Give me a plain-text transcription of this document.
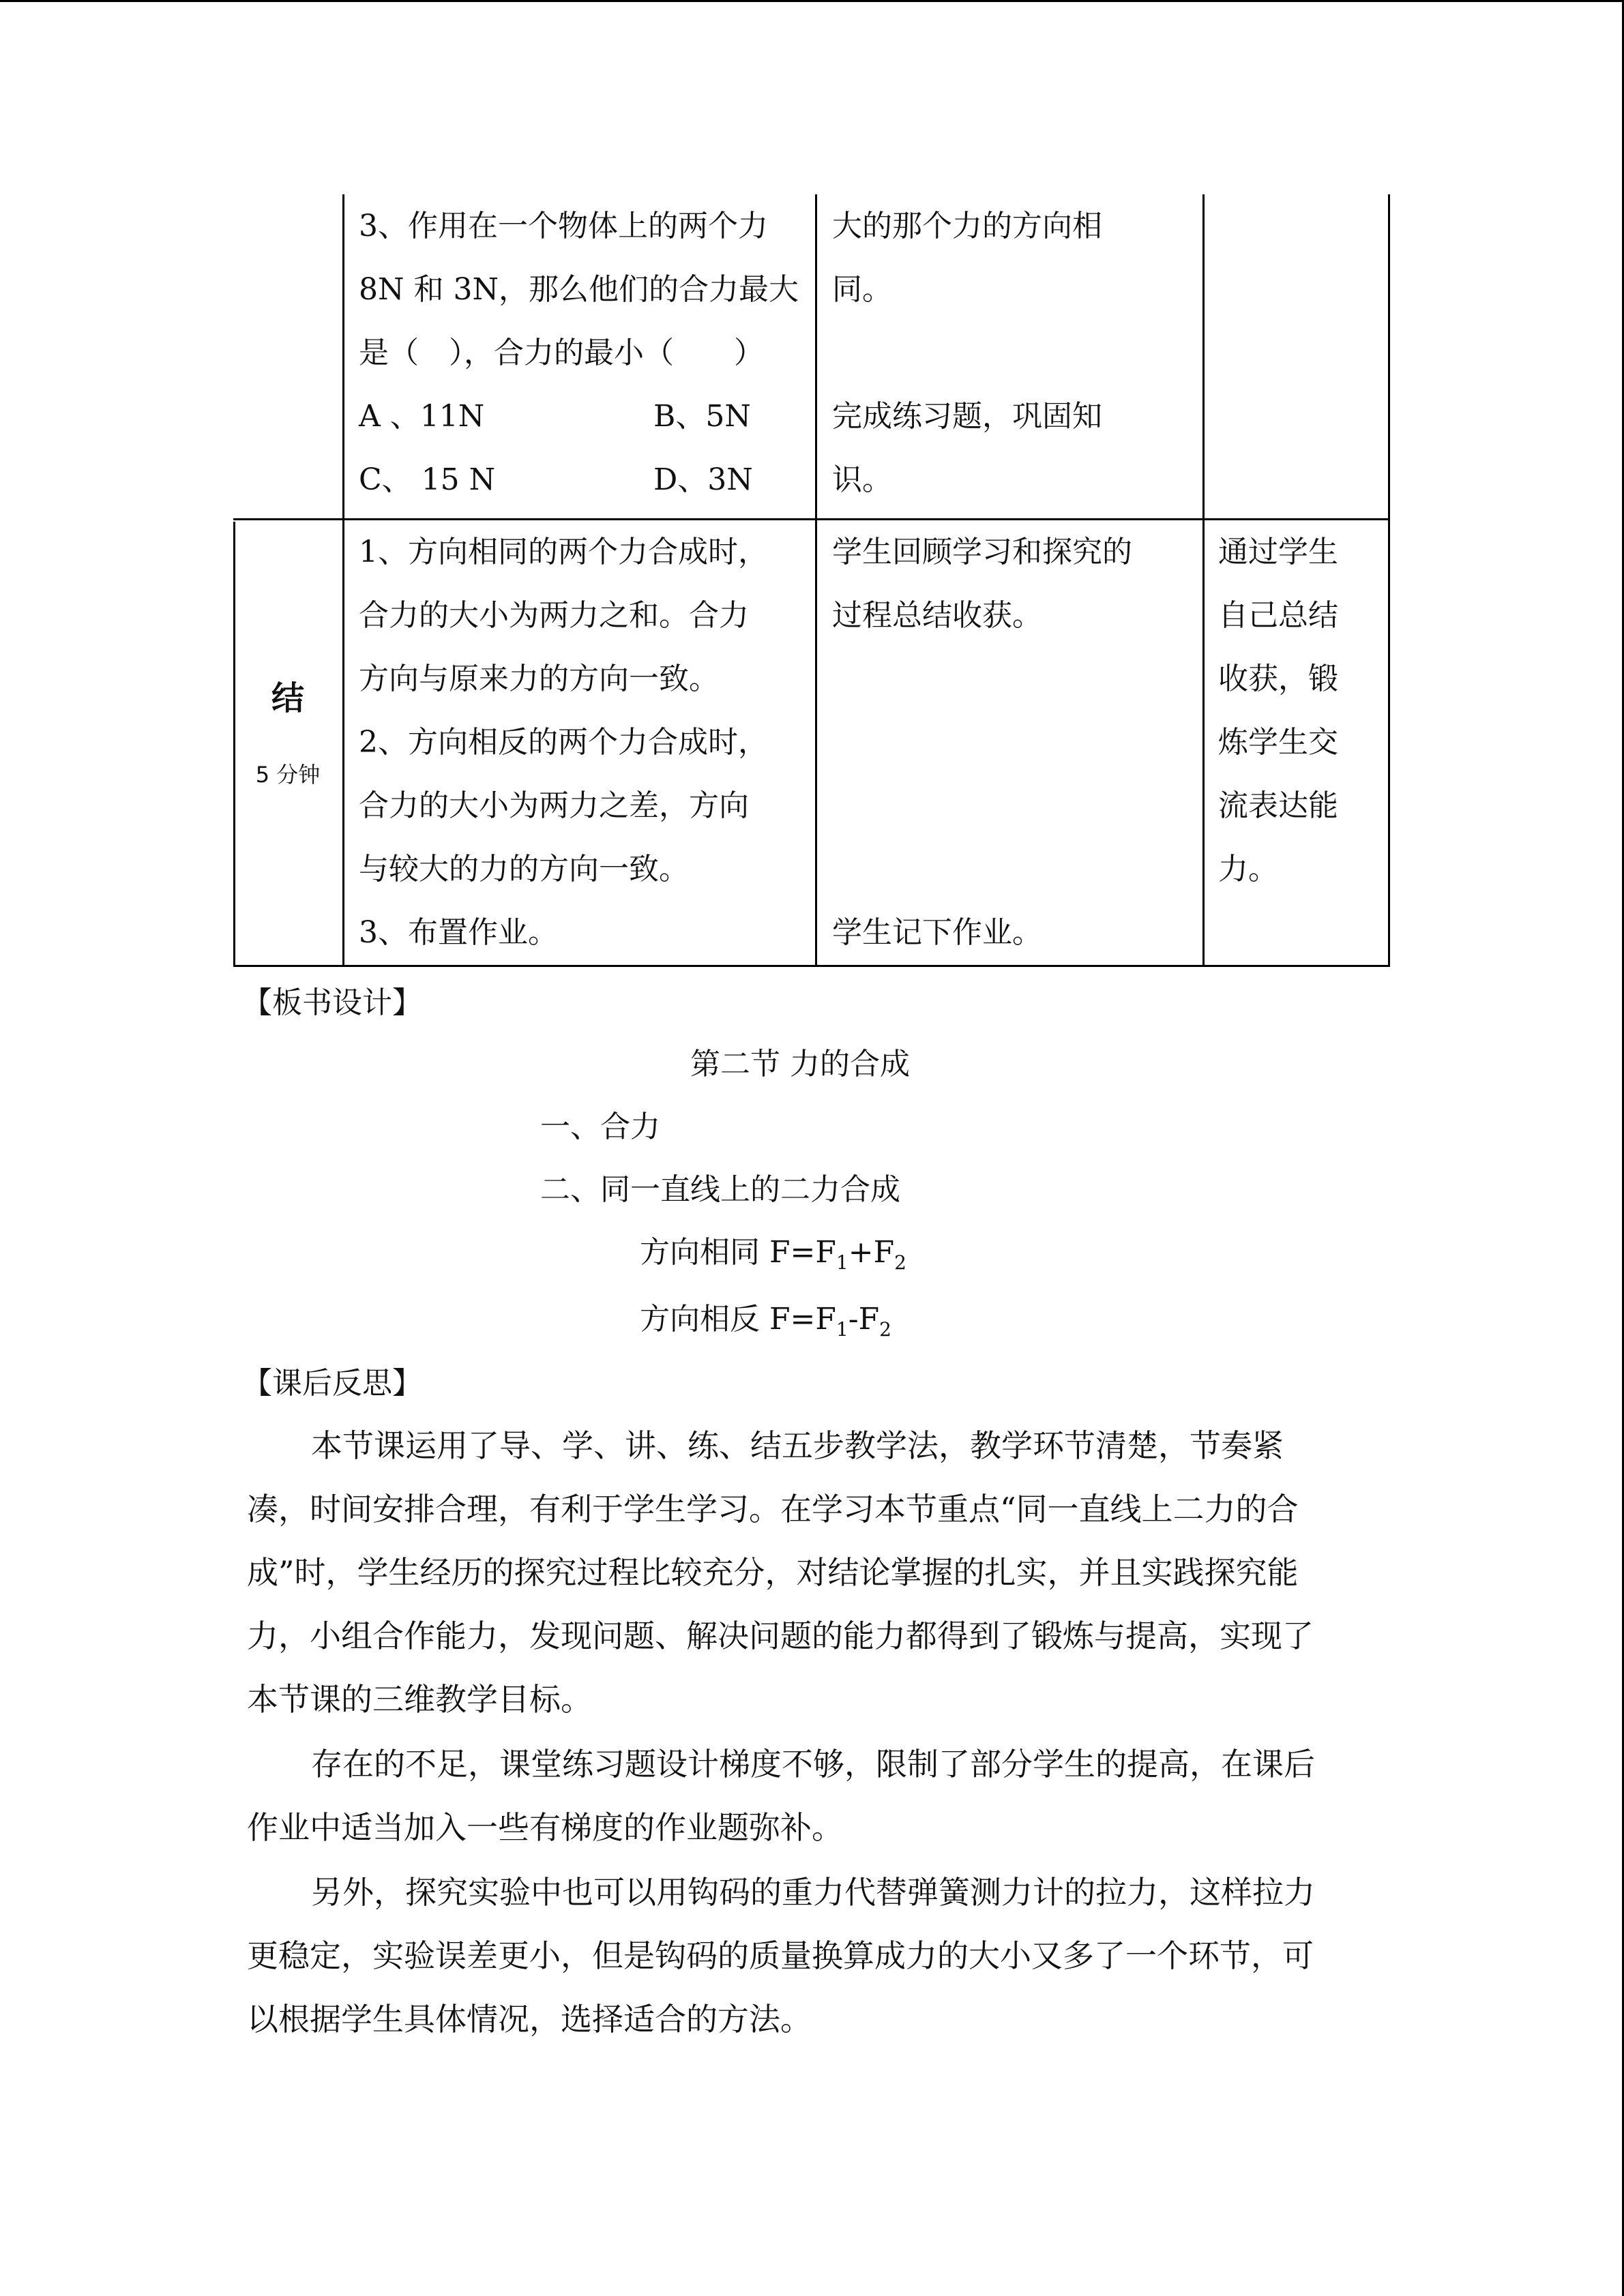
3、作用在一个物体上的两个力
8N 和 3N，那么他们的合力最大
是（　），合力的最小（　　）
A 、11N	B、5N
C、 15 N	D、3N
大的那个力的方向相
同。
完成练习题，巩固知
识。
结
5 分钟
1、方向相同的两个力合成时，
合力的大小为两力之和。合力
方向与原来力的方向一致。
2、方向相反的两个力合成时，
合力的大小为两力之差，方向
与较大的力的方向一致。
3、布置作业。
学生回顾学习和探究的
过程总结收获。
学生记下作业。
通过学生
自己总结
收获，锻
炼学生交
流表达能
力。
【板书设计】
第二节 力的合成
一、合力
二、同一直线上的二力合成
方向相同 $F=F_1+F_2$
方向相反 $F=F_1-F_2$
【课后反思】
本节课运用了导、学、讲、练、结五步教学法，教学环节清楚，节奏紧
凑，时间安排合理，有利于学生学习。在学习本节重点“同一直线上二力的合
成”时，学生经历的探究过程比较充分，对结论掌握的扎实，并且实践探究能
力，小组合作能力，发现问题、解决问题的能力都得到了锻炼与提高，实现了
本节课的三维教学目标。
存在的不足，课堂练习题设计梯度不够，限制了部分学生的提高，在课后
作业中适当加入一些有梯度的作业题弥补。
另外，探究实验中也可以用钩码的重力代替弹簧测力计的拉力，这样拉力
更稳定，实验误差更小，但是钩码的质量换算成力的大小又多了一个环节，可
以根据学生具体情况，选择适合的方法。
